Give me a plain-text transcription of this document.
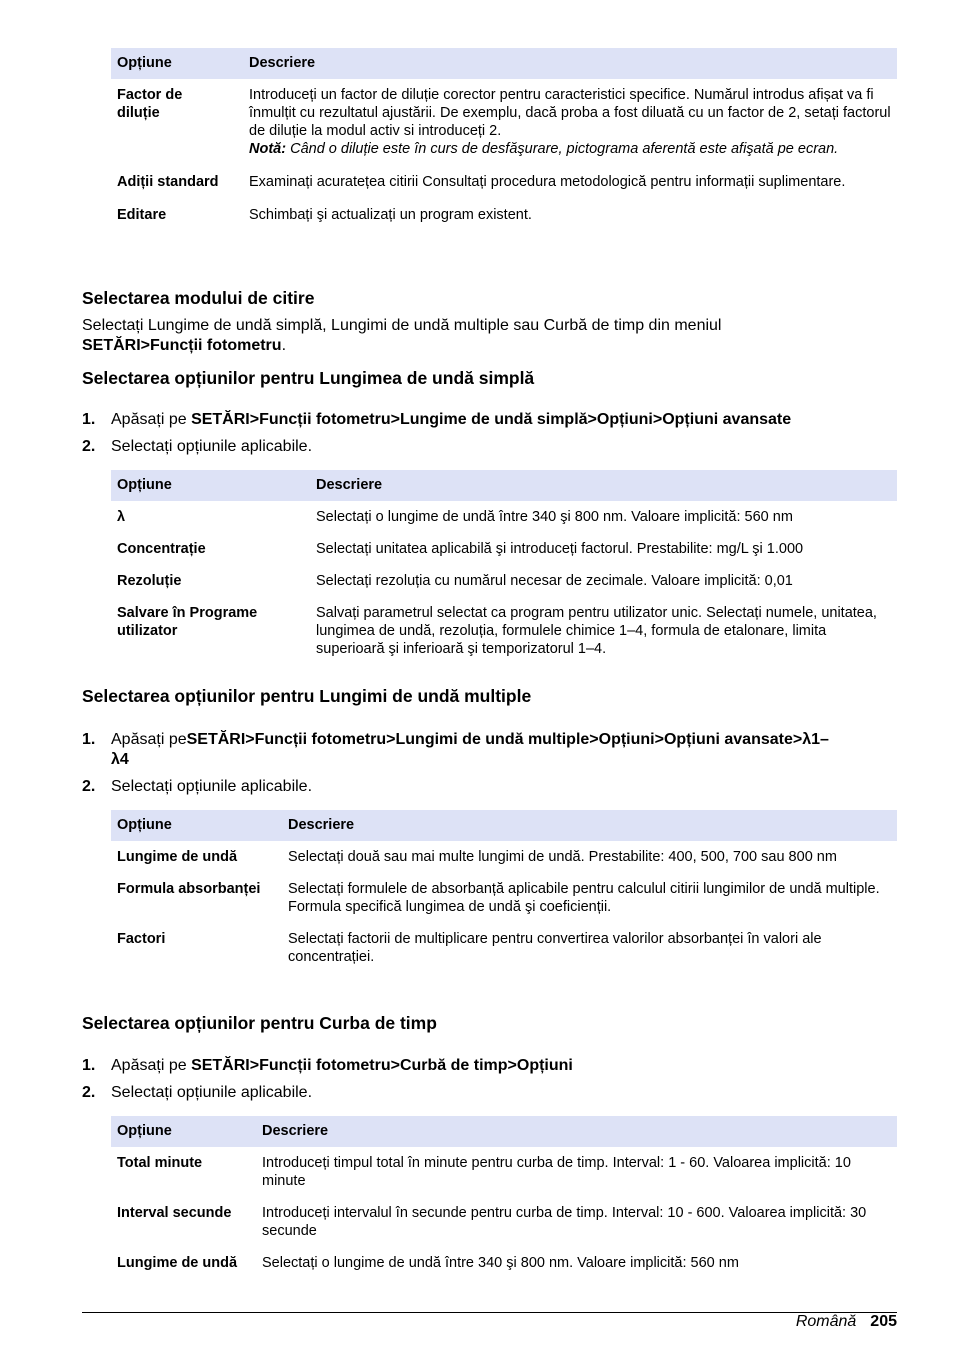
Opțiune	Descriere
Factor de diluție	Introduceți un factor de diluție corector pentru caracteristici specifice. Numărul introdus afișat va fi înmulțit cu rezultatul ajustării. De exemplu, dacă proba a fost diluată cu un factor de 2, setați factorul de diluție la modul activ si introduceți 2.
Notă: Când o diluție este în curs de desfăşurare, pictograma aferentă este afişată pe ecran.
Adiții standard	Examinați acuratețea citirii Consultați procedura metodologică pentru informații suplimentare.
Editare	Schimbați şi actualizați un program existent.
Selectarea modului de citire
Selectați Lungime de undă simplă, Lungimi de undă multiple sau Curbă de timp din meniul
SETĂRI>Funcții fotometru.
Selectarea opțiunilor pentru Lungimea de undă simplă
1. Apăsați pe SETĂRI>Funcții fotometru>Lungime de undă simplă>Opțiuni>Opțiuni avansate
2. Selectați opțiunile aplicabile.
Opțiune	Descriere
λ	Selectați o lungime de undă între 340 şi 800 nm. Valoare implicită: 560 nm
Concentrație	Selectați unitatea aplicabilă şi introduceți factorul. Prestabilite: mg/L şi 1.000
Rezoluție	Selectați rezoluția cu numărul necesar de zecimale. Valoare implicită: 0,01
Salvare în Programe utilizator	Salvați parametrul selectat ca program pentru utilizator unic. Selectați numele, unitatea, lungimea de undă, rezoluția, formulele chimice 1–4, formula de etalonare, limita superioară şi inferioară şi temporizatorul 1–4.
Selectarea opțiunilor pentru Lungimi de undă multiple
1. Apăsați peSETĂRI>Funcții fotometru>Lungimi de undă multiple>Opțiuni>Opțiuni avansate>λ1–λ4
2. Selectați opțiunile aplicabile.
Opțiune	Descriere
Lungime de undă	Selectați două sau mai multe lungimi de undă. Prestabilite: 400, 500, 700 sau 800 nm
Formula absorbanței	Selectați formulele de absorbanță aplicabile pentru calculul citirii lungimilor de undă multiple. Formula specifică lungimea de undă şi coeficienții.
Factori	Selectați factorii de multiplicare pentru convertirea valorilor absorbanței în valori ale concentrației.
Selectarea opțiunilor pentru Curba de timp
1. Apăsați pe SETĂRI>Funcții fotometru>Curbă de timp>Opțiuni
2. Selectați opțiunile aplicabile.
Opțiune	Descriere
Total minute	Introduceți timpul total în minute pentru curba de timp. Interval: 1 - 60. Valoarea implicită: 10 minute
Interval secunde	Introduceți intervalul în secunde pentru curba de timp. Interval: 10 - 600. Valoarea implicită: 30 secunde
Lungime de undă	Selectați o lungime de undă între 340 şi 800 nm. Valoare implicită: 560 nm
Română 205
